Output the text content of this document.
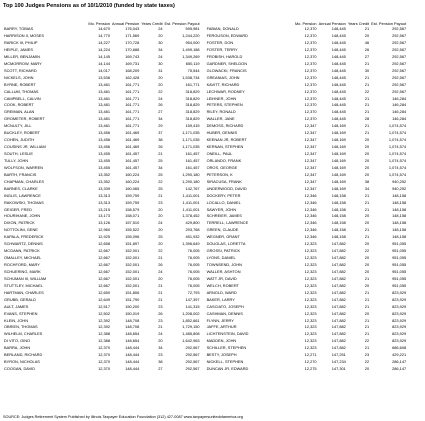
Top 100 Judges Pensions as of 10/1/2010 (funded by state taxes)
	Mo. Pension	Annual Pension	Years Credit	Est. Pension Payout
BARRY, TOBIAS	14,670	176,043	24	595,981
HARRISON II, MOSES	14,770	171,569	20	1,244,220
RARICK III, PHILIP	14,227	170,728	30	954,000
HEIPLE, JAMES	14,224	170,688	34	1,499,188
MILLER, BENJAMIN	14,145	169,743	24	1,349,269
MCMORROW, MARY	14,144	169,731	30	650,119
SCOTT, RICHARD	14,017	168,209	31	75,544
NICKELS, JOHN	13,536	162,428	20	1,538,734
BYRNE, ROBERT	13,481	161,771	20	161,771
CALLUM, THOMAS	13,481	161,771	22	318,829
CAMPBELL, CALVIN	13,481	161,771	24	318,829
COOK, ROBERT	13,481	161,771	26	318,829
GREIMAN, ALAN	13,481	161,771	27	318,829
GROMETER, ROBERT	13,481	161,771	34	318,829
MCNULTY, JILL	13,481	161,771	29	159,415
BUCKLEY, ROBERT	13,456	161,469	37	1,171,035
COHEN, JUDITH	13,456	161,469	38	1,171,035
COUSINS JR, WILLIAM	13,456	161,469	26	1,171,035
SOUTH, LESLIE	13,455	161,457	21	161,457
TULLY, JOHN	13,455	161,457	25	161,457
WOLFSON, WARREN	13,455	161,457	34	161,457
BARTH, FRANCIS	13,352	160,224	25	1,290,180
CHAPMAN, CHARLES	13,352	160,224	22	1,290,180
BARNES, CLARKE	13,339	160,065	25	142,767
INGLIS, LAWRENCE	13,313	159,759	21	1,411,001
RAKOWSKI, THOMAS	13,313	159,759	23	1,411,001
GEIGER, FRED	13,215	158,579	20	1,411,001
HOURIHANE, JOHN	13,173	158,071	20	1,378,452
DIXON, PATRICK	13,126	157,510	24	429,800
NOTTOLINI, GENE	12,960	155,522	20	293,768
KAPALA, FREDERICK	12,925	155,096	25	451,932
SCHWARTZ, DENNIS	12,658	151,897	20	1,396,649
MCGANN, PATRICK	12,667	152,001	22	76,005
OMALLEY, MICHAEL	12,667	152,001	21	76,005
ROCHFORD, MARY	12,667	152,001	26	76,005
SCHUERING, MARK	12,667	152,001	24	76,005
SCHUMAN III, WILLIAM	12,667	152,001	20	76,005
STUTTLEY, MICHAEL	12,667	152,001	21	76,005
HARTMAN, CHARLES	12,650	151,806	21	72,793
GRUBB, GERALD	12,649	151,790	21	147,397
AULT, JAMES	12,517	150,200	23	141,315
EVANS, STEPHEN	12,502	150,019	26	1,208,002
KLEIN, JOHN	12,392	148,708	23	1,852,661
OBRIEN, THOMAS	12,392	148,708	21	1,729,150
WILHELM, CHARLES	12,388	148,654	24	1,485,808
DI VITO, GINO	12,388	148,654	20	1,642,963
BARRA, JOHN	12,370	148,444	34	292,567
BERLAND, RICHARD	12,370	148,444	23	292,567
BYRON, NICHOLAS	12,370	148,444	38	292,567
COOGAN, DAVID	12,370	148,444	27	292,567
	Mo. Pension	Annual Pension	Years Credit	Est. Pension Payout
FABIAN, DONALD	12,370	148,445	21	292,567
FERGUSON, EDWARD	12,370	148,445	20	292,567
FOSTER, DON	12,370	148,445	46	292,567
FOSTER, TERRY	12,370	148,445	26	292,567
FROBISH, HAROLD	12,370	148,445	27	292,567
GARDNER, SHELDON	12,370	148,445	21	292,567
GLOWACKI, FRANCIS	12,370	148,445	30	292,567
GREANIAS, JOHN	12,370	148,445	21	292,567
KAVITT, RICHARD	12,370	148,445	21	292,567
LECHWAR, RODNEY	12,370	148,445	22	292,567
LEIHNER, JOHN	12,370	148,445	21	146,284
PETERS, STEPHEN	12,370	148,445	21	146,284
RILEY, RONALD	12,370	148,445	21	146,284
WALLER, JANE	12,370	148,445	28	146,284
DEMOSS, RICHARD	12,347	148,169	21	1,074,574
HUBER, DENNIS	12,347	148,169	21	1,074,574
KEENAN JR, ROBERT	12,347	148,169	20	1,074,574
KERNAN, STEPHEN	12,347	148,169	20	1,074,574
ONEILL, PAUL	12,347	148,169	20	1,074,574
ORLANDO, FRANK	12,347	148,169	20	1,074,574
OROS, GEORGE	12,347	148,169	20	1,074,574
PETERSON, K	12,347	148,169	20	1,074,574
SIRACUSA, FRANK	12,347	148,169	38	940,252
UNDERWOOD, DAVID	12,347	148,169	34	940,252
DOCKERY, PETER	12,346	148,158	21	148,158
LOCALLO, DANIEL	12,346	148,158	21	148,158
SAWYER, JOHN	12,346	148,158	21	148,158
SCHREIER, JAMES	12,346	148,158	20	148,158
TERRELL, LAWRENCE	12,346	148,158	20	148,158
GREEN, CLAUDE	12,346	148,158	21	148,158
WEGNER, GRANT	12,346	148,158	21	148,158
DOUGLAS, LORETTA	12,323	147,882	20	951,055
GROSSI, PATRICK	12,323	147,882	22	951,055
LYONS, DANIEL	12,323	147,882	20	951,055
TOWNSEND, JOHN	12,323	147,882	20	951,055
WALLER, ASHTON	12,323	147,882	20	951,055
WATT JR, DAVID	12,323	147,882	21	951,055
WELCH, ROBERT	12,323	147,882	20	951,055
ARNOLD, WARD	12,323	147,882	21	823,929
BAKER, LARRY	12,323	147,882	21	823,929
CASCIATO, JOSEPH	12,323	147,882	21	823,929
CASHMAN, DENNIS	12,323	147,882	20	823,929
FLYNN, JERRY	12,323	147,882	21	823,929
JAFFE, ARTHUR	12,323	147,882	21	823,929
LICHTENSTEIN, DAVID	12,323	147,882	21	823,929
MADDEN, JOHN	12,323	147,882	22	823,929
SCHILLER, STEPHEN	12,323	147,882	21	686,608
BESTY, JOSEPH	12,271	147,251	23	429,221
NICKELL, STEPHEN	12,270	147,234	22	286,147
DUNCAN JR, EDWARD	12,275	147,301	20	286,147
SOURCE: Judges Retirement System Published by Illinois Taxpayer Education Foundation (312) 427-0087 www.taxpayersunitedofamerica.org
